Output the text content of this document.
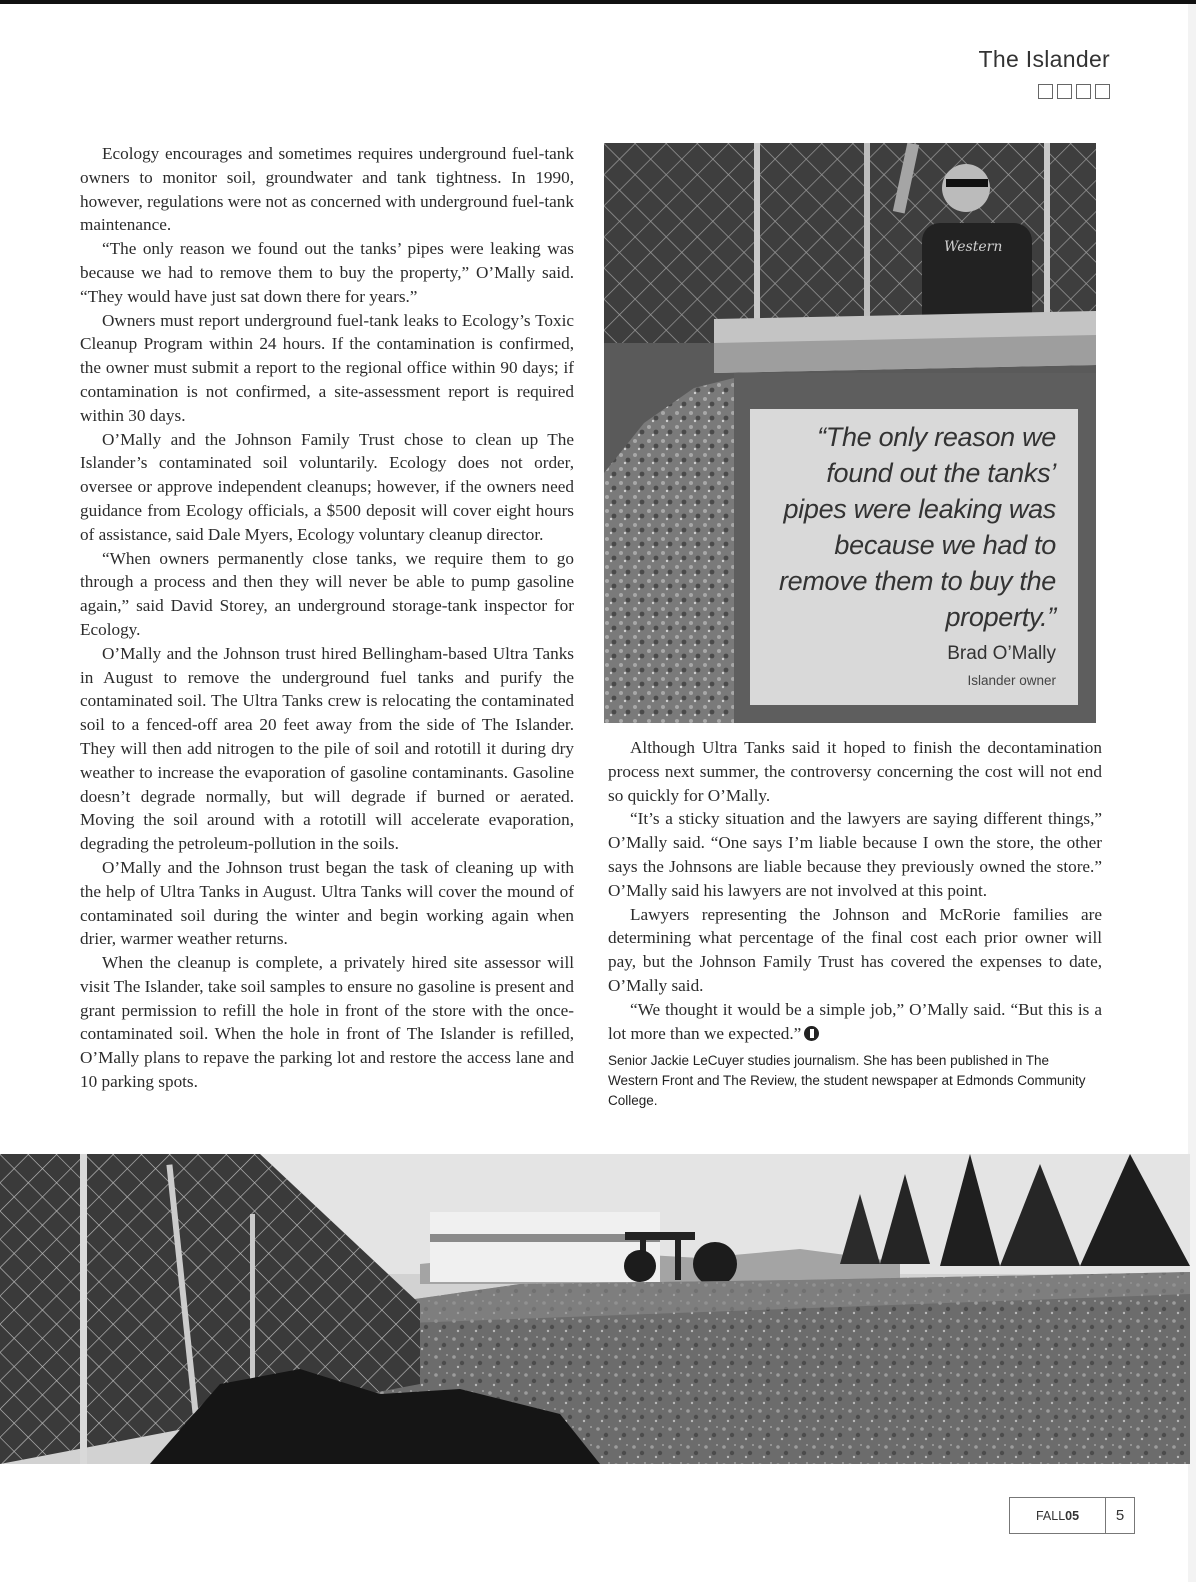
The Islander

Ecology encourages and sometimes requires underground fuel-tank owners to monitor soil, groundwater and tank tightness. In 1990, however, regulations were not as concerned with underground fuel-tank maintenance.

“The only reason we found out the tanks’ pipes were leaking was because we had to remove them to buy the property,” O’Mally said. “They would have just sat down there for years.”

Owners must report underground fuel-tank leaks to Ecology’s Toxic Cleanup Program within 24 hours. If the contamination is confirmed, the owner must submit a report to the regional office within 90 days; if contamination is not confirmed, a site-assessment report is required within 30 days.

O’Mally and the Johnson Family Trust chose to clean up The Islander’s contaminated soil voluntarily. Ecology does not order, oversee or approve independent cleanups; however, if the owners need guidance from Ecology officials, a $500 deposit will cover eight hours of assistance, said Dale Myers, Ecology voluntary cleanup director.

“When owners permanently close tanks, we require them to go through a process and then they will never be able to pump gasoline again,” said David Storey, an underground storage-tank inspector for Ecology.

O’Mally and the Johnson trust hired Bellingham-based Ultra Tanks in August to remove the underground fuel tanks and purify the contaminated soil. The Ultra Tanks crew is relocating the contaminated soil to a fenced-off area 20 feet away from the side of The Islander. They will then add nitrogen to the pile of soil and rototill it during dry weather to increase the evaporation of gasoline contaminants. Gasoline doesn’t degrade normally, but will degrade if burned or aerated. Moving the soil around with a rototill will accelerate evaporation, degrading the petroleum-pollution in the soils.

O’Mally and the Johnson trust began the task of cleaning up with the help of Ultra Tanks in August. Ultra Tanks will cover the mound of contaminated soil during the winter and begin working again when drier, warmer weather returns.

When the cleanup is complete, a privately hired site assessor will visit The Islander, take soil samples to ensure no gasoline is present and grant permission to refill the hole in front of the store with the once-contaminated soil. When the hole in front of The Islander is refilled, O’Mally plans to repave the parking lot and restore the access lane and 10 parking spots.

Western
“The only reason we found out the tanks’ pipes were leaking was because we had to remove them to buy the property.”
Brad O’Mally
Islander owner

Although Ultra Tanks said it hoped to finish the decontamination process next summer, the controversy concerning the cost will not end so quickly for O’Mally.

“It’s a sticky situation and the lawyers are saying different things,” O’Mally said. “One says I’m liable because I own the store, the other says the Johnsons are liable because they previously owned the store.” O’Mally said his lawyers are not involved at this point.

Lawyers representing the Johnson and McRorie families are determining what percentage of the final cost each prior owner will pay, but the Johnson Family Trust has covered the expenses to date, O’Mally said.

“We thought it would be a simple job,” O’Mally said. “But this is a lot more than we expected.”

Senior Jackie LeCuyer studies journalism. She has been published in The Western Front and The Review, the student newspaper at Edmonds Community College.
FALL 05	5
